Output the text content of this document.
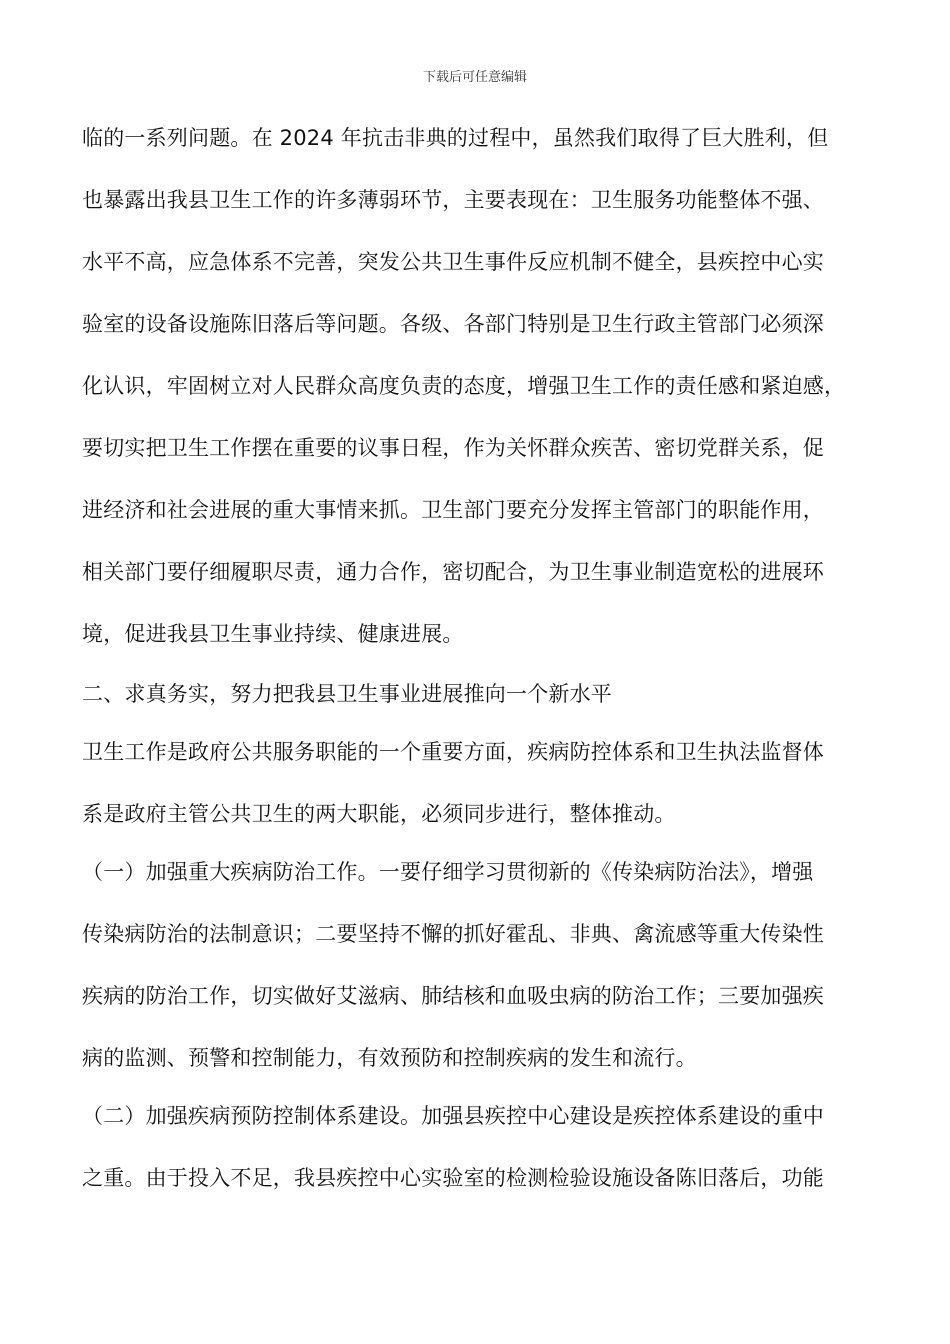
下载后可任意编辑
临的一系列问题。在 2024 年抗击非典的过程中，虽然我们取得了巨大胜利，但
也暴露出我县卫生工作的许多薄弱环节，主要表现在：卫生服务功能整体不强、
水平不高，应急体系不完善，突发公共卫生事件反应机制不健全，县疾控中心实
验室的设备设施陈旧落后等问题。各级、各部门特别是卫生行政主管部门必须深
化认识，牢固树立对人民群众高度负责的态度，增强卫生工作的责任感和紧迫感，
要切实把卫生工作摆在重要的议事日程，作为关怀群众疾苦、密切党群关系，促
进经济和社会进展的重大事情来抓。卫生部门要充分发挥主管部门的职能作用，
相关部门要仔细履职尽责，通力合作，密切配合，为卫生事业制造宽松的进展环
境，促进我县卫生事业持续、健康进展。
二、求真务实，努力把我县卫生事业进展推向一个新水平
卫生工作是政府公共服务职能的一个重要方面，疾病防控体系和卫生执法监督体
系是政府主管公共卫生的两大职能，必须同步进行，整体推动。
（一）加强重大疾病防治工作。一要仔细学习贯彻新的《传染病防治法》，增强
传染病防治的法制意识；二要坚持不懈的抓好霍乱、非典、禽流感等重大传染性
疾病的防治工作，切实做好艾滋病、肺结核和血吸虫病的防治工作；三要加强疾
病的监测、预警和控制能力，有效预防和控制疾病的发生和流行。
（二）加强疾病预防控制体系建设。加强县疾控中心建设是疾控体系建设的重中
之重。由于投入不足，我县疾控中心实验室的检测检验设施设备陈旧落后，功能
